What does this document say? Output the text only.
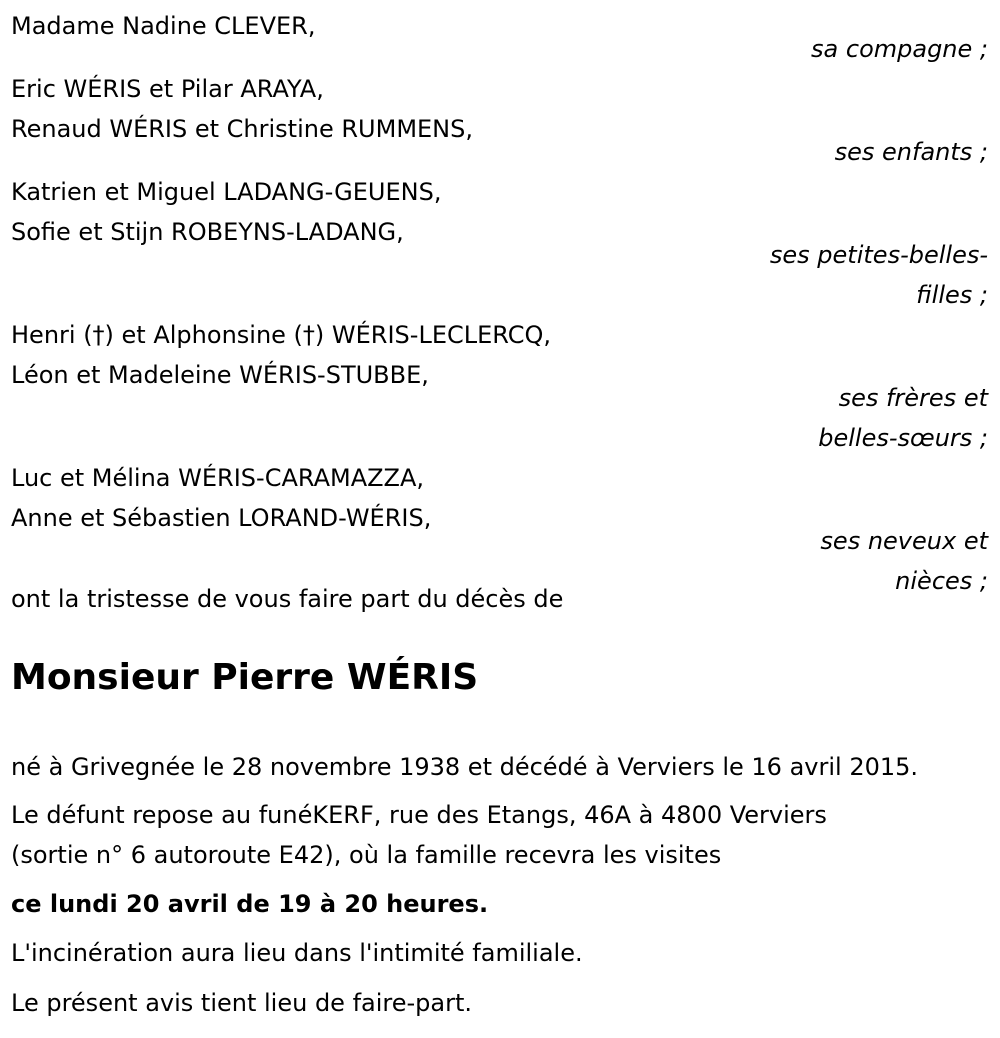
Madame Nadine CLEVER,
sa compagne ;
Eric WÉRIS et Pilar ARAYA,
Renaud WÉRIS et Christine RUMMENS,
ses enfants ;
Katrien et Miguel LADANG-GEUENS,
Sofie et Stijn ROBEYNS-LADANG,
ses petites-belles-
filles ;
Henri (†) et Alphonsine (†) WÉRIS-LECLERCQ,
Léon et Madeleine WÉRIS-STUBBE,
ses frères et
belles-sœurs ;
Luc et Mélina WÉRIS-CARAMAZZA,
Anne et Sébastien LORAND-WÉRIS,
ses neveux et
nièces ;
ont la tristesse de vous faire part du décès de
Monsieur Pierre WÉRIS
né à Grivegnée le 28 novembre 1938 et décédé à Verviers le 16 avril 2015.
Le défunt repose au funéKERF, rue des Etangs, 46A à 4800 Verviers
(sortie n° 6 autoroute E42), où la famille recevra les visites
ce lundi 20 avril de 19 à 20 heures.
L'incinération aura lieu dans l'intimité familiale.
Le présent avis tient lieu de faire-part.
